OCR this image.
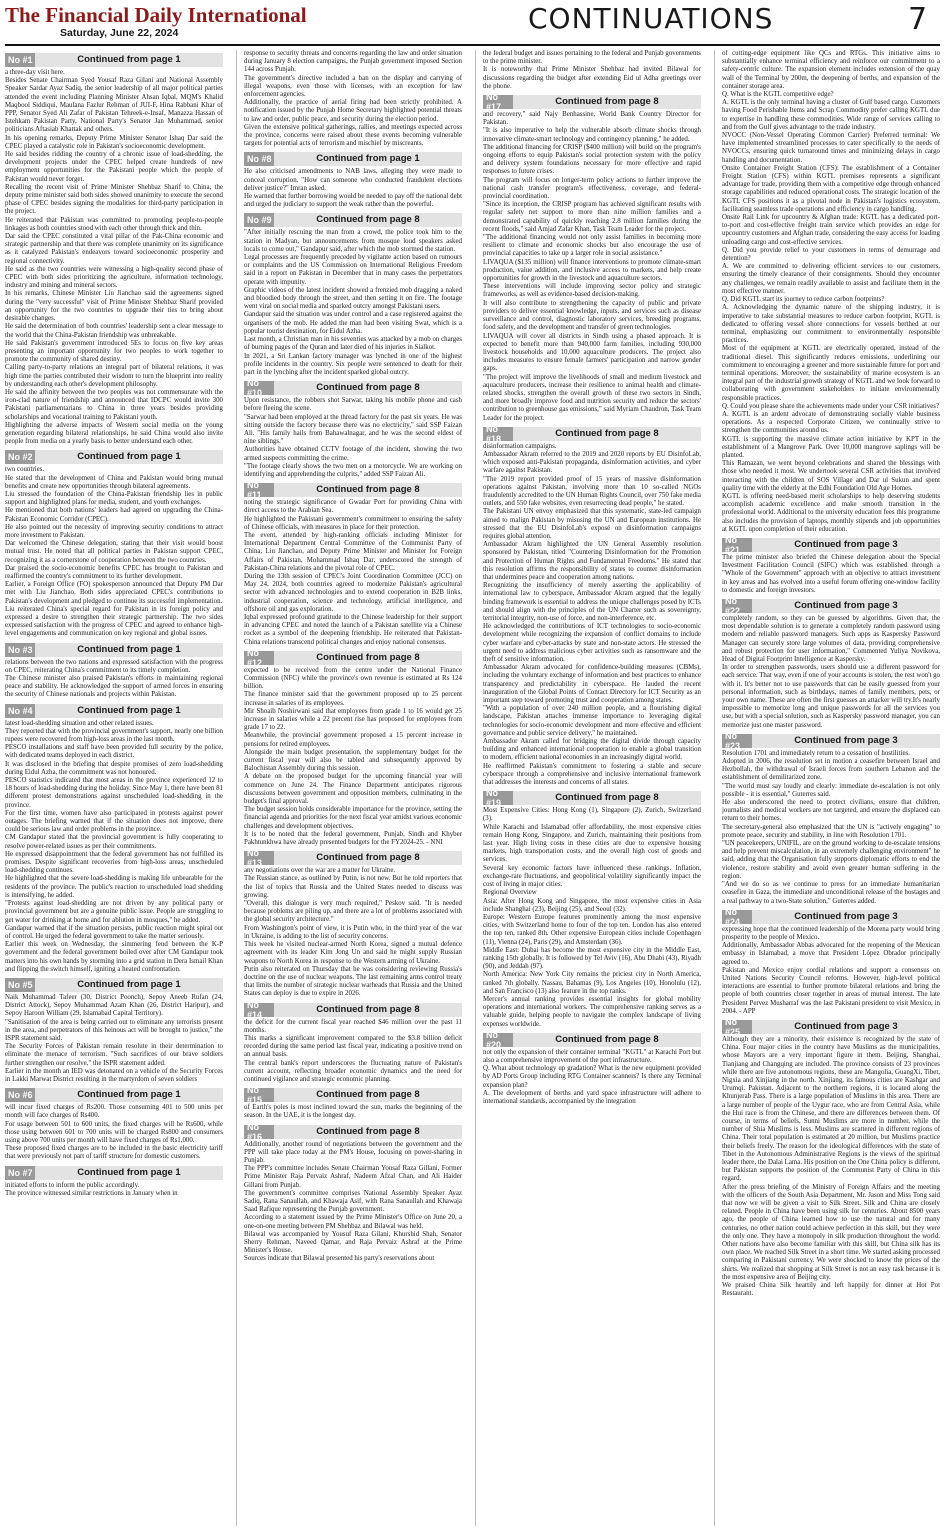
The Financial Daily International
Saturday, June 22, 2024	CONTINUATIONS	7
No #1	Continued from page 1

a three-day visit here.

Besides Senate Chairman Syed Yousaf Raza Gilani and National Assembly Speaker Sardar Ayaz Sadiq, the senior leadership of all major political parties attended the event including Planning Minister Ahsan Iqbal, MQM's Khalid Maqbool Siddiqui, Maulana Fazlur Rehman of JUI-F, Hina Rabbani Khar of PPP, Senator Syed Ali Zafar of Pakistan Tehreek-e-Insaf, Manazza Hassan of Istehkam Pakistan Party, National Party's Senator Jan Muhammad, senior politicians Aftasiab Khattak and others.

In his opening remarks, Deputy Prime Minister Senator Ishaq Dar said the CPEC played a catalystic role in Pakistan's socioeconomic development.

He said besides ridding the country of a chronic issue of load-shedding, the development projects under the CPEC helped create hundreds of new employment opportunities for the Pakistani people which the people of Pakistan would never forget.

Recalling the recent visit of Prime Minister Shehbaz Sharif to China, the deputy prime minister said both sides showed unanimity to execute the second phase of CPEC besides signing the modalities for third-party participation in the project.

He reiterated that Pakistan was committed to promoting people-to-people linkages as both countries stood with each other through thick and thin.

Dar said the CPEC constituted a vital pillar of the Pak-China economic and strategic partnership and that there was complete unanimity on its significance as it catalyzed Pakistan's endeavors toward socioeconomic prosperity and regional connectivity.

He said as the two countries were witnessing a high-quality second phase of CPEC with both sides prioritizing the agriculture, information technology, industry and mining and mineral sectors.

In his remarks, Chinese Minister Liu Jianchao said the agreements signed during the "very successful" visit of Prime Minister Shehbaz Sharif provided an opportunity for the two countries to upgrade their ties to bring about desirable changes.

He said the determination of both countries' leadership sent a clear message to the world that the China-Pakistan friendship was unbreakable.

He said Pakistan's government introduced 5Es to focus on five key areas presenting an important opportunity for two peoples to work together to promote the community of shared destiny.

Calling party-to-party relations an integral part of bilateral relations, it was high time the parties contributed their wisdom to turn the blueprint into reality by understanding each other's development philosophy.

He said the affinity between the two peoples was not commensurate with the iron-clad nature of friendship and announced that IDCPC would invite 300 Pakistani parliamentarians to China in three years besides providing scholarships and vocational training to Pakistani youth.

Highlighting the adverse impacts of Western social media on the young generation regarding bilateral relationships, he said China would also invite people from media on a yearly basis to better understand each other.

No #2	Continued from page 1

two countries.

He stated that the development of China and Pakistan would bring mutual benefits and create new opportunities through bilateral agreements.

Liu stressed the foundation of the China-Pakistan friendship lies in public support and highlighted plans for media, student, and youth exchanges.

He mentioned that both nations' leaders had agreed on upgrading the China-Pakistan Economic Corridor (CPEC).

He also pointed out the necessity of improving security conditions to attract more investment to Pakistan.

Dar welcomed the Chinese delegation, stating that their visit would boost mutual trust. He noted that all political parties in Pakistan support CPEC, recognizing it as a cornerstone of cooperation between the two countries.

Dar praised the socio-economic benefits CPEC has brought to Pakistan and reaffirmed the country's commitment to its further development.

Earlier, a Foreign Office (FO) spokesperson announced that Deputy PM Dar met with Liu Jianchao. Both sides appreciated CPEC's contributions to Pakistan's development and pledged to continue its successful implementation.

Liu reiterated China's special regard for Pakistan in its foreign policy and expressed a desire to strengthen their strategic partnership. The two sides expressed satisfaction with the progress of CPEC and agreed to enhance high-level engagements and communication on key regional and global issues.

No #3	Continued from page 1

relations between the two nations and expressed satisfaction with the progress on CPEC, reiterating China's commitment to its timely completion.

The Chinese minister also praised Pakistan's efforts in maintaining regional peace and stability. He acknowledged the support of armed forces in ensuring the security of Chinese nationals and projects within Pakistan.

No #4	Continued from page 1

latest load-shedding situation and other related issues.

They reported that with the provincial government's support, nearly one billion rupees were recovered from high-loss areas in the last month.

PESCO installations and staff have been provided full security by the police, with dedicated teams deployed in each district.

It was disclosed in the briefing that despite promises of zero load-shedding during Eidul Azha, the commitment was not honoured.

PESCO statistics indicated that most areas in the province experienced 12 to 18 hours of load-shedding during the holiday. Since May 1, there have been 81 different protest demonstrations against unscheduled load-shedding in the province.

For the first time, women have also participated in protests against power outages. The briefing warned that if the situation does not improve, there could be serious law and order problems in the province.

CM Gandapur stated that the provincial government is fully cooperating to resolve power-related issues as per their commitments.

He expressed disappointment that the federal government has not fulfilled its promises. Despite significant recoveries from high-loss areas, unscheduled load-shedding continues.

He highlighted that the severe load-shedding is making life unbearable for the residents of the province. The public's reaction to unscheduled load shedding is intensifying, he added.

"Protests against load-shedding are not driven by any political party or provincial government but are a genuine public issue. People are struggling to get water for drinking at home and for ablution in mosques," he added.

Gandapur warned that if the situation persists, public reaction might spiral out of control. He urged the federal government to take the matter seriously.

Earlier this week on Wednesday, the simmering feud between the K-P government and the federal government boiled over after CM Gandapur took matters into his own hands by storming into a grid station in Dera Ismail Khan and flipping the switch himself, igniting a heated confrontation.

No #5	Continued from page 1

Naik Muhammad Tafeer (30, District Poonch), Sepoy Aneeb Rufan (24, District Attock), Sepoy Muhammad Azam Khan (26, District Haripur), and Sepoy Haroon William (29, Islamabad Capital Territory).

"Sanitisation of the area is being carried out to eliminate any terrorists present in the area, and perpetrators of this heinous act will be brought to justice," the ISPR statement said.

The Security Forces of Pakistan remain resolute in their determination to eliminate the menace of terrorism. "Such sacrifices of our brave soldiers further strengthen our resolve," the ISPR statement added.

Earlier in the month an IED was detonated on a vehicle of the Security Forces in Lakki Marwat District resulting in the martyrdom of seven soldiers

No #6	Continued from page 1

will incur fixed charges of Rs200. Those consuming 401 to 500 units per month will face charges of Rs400.

For usage between 501 to 600 units, the fixed charges will be Rs600, while those using between 601 to 700 units will be charged Rs800 and consumers using above 700 units per month will have fixed charges of Rs1,000.

These proposed fixed charges are to be included in the basic electricity tariff that were previously not part of tariff structure for domestic customers.

No #7	Continued from page 1

initiated efforts to inform the public accordingly.

The province witnessed similar restrictions in January when in

response to security threats and concerns regarding the law and order situation during January 8 election campaigns, the Punjab government imposed Section 144 across Punjab.

The government's directive included a ban on the display and carrying of illegal weapons, even those with licenses, with an exception for law enforcement agencies.

Additionally, the practice of aerial firing had been strictly prohibited. A notification issued by the Punjab Home Secretary highlighted potential threats to law and order, public peace, and security during the election period.

Given the extensive political gatherings, rallies, and meetings expected across the province, concerns were raised about these events becoming vulnerable targets for potential acts of terrorism and mischief by miscreants.

No #8	Continued from page 1

He also criticised amendments to NAB laws, alleging they were made to conceal corruption. "How can someone who conducted fraudulent elections deliver justice?" Imran asked.

He warned that further borrowing would be needed to pay off the national debt and urged the judiciary to support the weak rather than the powerful.

No #9	Continued from page 8

"After initially rescuing the man from a crowd, the police took him to the station in Madyan, but announcements from mosque loud speakers asked locals to come out," Gandapur said, after which the mob stormed the station.

Legal processes are frequently preceded by vigilante action based on rumours or complaints and the US Commission on International Religious Freedom said in a report on Pakistan in December that in many cases the perpetrators operate with impunity.

Graphic videos of the latest incident showed a frenzied mob dragging a naked and bloodied body through the street, and then setting it on fire. The footage went viral on social media and sparked outcry amongst Pakistani users.

Gandapur said the situation was under control and a case registered against the organisers of the mob. He added the man had been visiting Swat, which is a popular tourist destination, for Eidul Azha.

Last month, a Christian man in his seventies was attacked by a mob on charges of burning pages of the Quran and later died of his injuries in Sialkot.

In 2021, a Sri Lankan factory manager was lynched in one of the highest profile incidents in the country. Six people were sentenced to death for their part in the lynching after the incident sparked global outcry.

No #10	Continued from page 8

Upon resistance, the robbers shot Sarwar, taking his mobile phone and cash before fleeing the scene.

"Sarwar had been employed at the thread factory for the past six years. He was sitting outside the factory because there was no electricity," said SSP Faizan Ali. "His family hails from Bahawalnagar, and he was the second eldest of nine siblings."

Authorities have obtained CCTV footage of the incident, showing the two armed suspects committing the crime.

"The footage clearly shows the two men on a motorcycle. We are working on identifying and apprehending the culprits," added SSP Faizan Ali.

No #11	Continued from page 8

noting the strategic significance of Gwadar Port for providing China with direct access to the Arabian Sea.

He highlighted the Pakistani government's commitment to ensuring the safety of Chinese officials, with measures in place for their protection.

The event, attended by high-ranking officials including Minister for International Department Central Committee of the Communist Party of China, Liu Jianchao, and Deputy Prime Minister and Minister for Foreign Affairs of Pakistan, Mohammad Ishaq Dar, underscored the strength of Pakistan-China relations and the pivotal role of CPEC.

During the 13th session of CPEC's Joint Coordination Committee (JCC) on May 24, 2024, both countries agreed to modernize Pakistan's agricultural sector with advanced technologies and to extend cooperation in B2B links, industrial cooperation, science and technology, artificial intelligence, and offshore oil and gas exploration.

Iqbal expressed profound gratitude to the Chinese leadership for their support in advancing CPEC and noted the launch of a Pakistan satellite via a Chinese rocket as a symbol of the deepening friendship. He reiterated that Pakistan-China relations transcend political changes and enjoy national consensus.

No #12	Continued from page 8

expected to be received from the centre under the National Finance Commission (NFC) while the province's own revenue is estimated at Rs 124 billion.

The finance minister said that the government proposed up to 25 percent increase in salaries of its employees.

Mir Shoaib Noshirwani said that employees from grade 1 to 16 would get 25 increase in salaries while a 22 percent rise has proposed for employees from grade 17 to 22.

Meanwhile, the provincial government proposed a 15 percent increase in pensions for retired employees.

Alongside the main budget presentation, the supplementary budget for the current fiscal year will also be tabled and subsequently approved by Balochistan Assembly during this session.

A debate on the proposed budget for the upcoming financial year will commence on June 24. The Finance Department anticipates rigorous discussions between government and opposition members, culminating in the budget's final approval.

The budget session holds considerable importance for the province, setting the financial agenda and priorities for the next fiscal year amidst various economic challenges and development objectives.

It is to be noted that the federal government, Punjab, Sindh and Khyber Pakhtunkhwa have already presented budgets for the FY2024-25. - NNI

No #13	Continued from page 8

any negotiations over the war are a matter for Ukraine.

The Russian stance, as outlined by Putin, is not new. But he told reporters that the list of topics that Russia and the United States needed to discuss was growing.

"Overall, this dialogue is very much required," Peskov said. "It is needed because problems are piling up, and there are a lot of problems associated with the global security architecture."

From Washington's point of view, it is Putin who, in the third year of the war in Ukraine, is adding to the list of security concerns.

This week he visited nuclear-armed North Korea, signed a mutual defence agreement with its leader Kim Jong Un and said he might supply Russian weapons to North Korea in response to the Western arming of Ukraine.

Putin also reiterated on Thursday that he was considering reviewing Russia's doctrine on the use of nuclear weapons. The last remaining arms control treaty that limits the number of strategic nuclear warheads that Russia and the United States can deploy is due to expire in 2026.

No #14	Continued from page 8

the deficit for the current fiscal year reached $46 million over the past 11 months.

This marks a significant improvement compared to the $3.8 billion deficit recorded during the same period last fiscal year, indicating a positive trend on an annual basis.

The central bank's report underscores the fluctuating nature of Pakistan's current account, reflecting broader economic dynamics and the need for continued vigilance and strategic economic planning.

No #15	Continued from page 8

of Earth's poles is most inclined toward the sun, marks the beginning of the season. In the UAE, it is the longest day.

No #16	Continued from page 8

Additionally, another round of negotiations between the government and the PPP will take place today at the PM's House, focusing on power-sharing in Punjab.

The PPP's committee includes Senate Chairman Yousaf Raza Gillani, Former Prime Minister Raja Pervaiz Ashraf, Nadeem Afzal Chan, and Ali Haider Gillani from Punjab.

The government's committee comprises National Assembly Speaker Ayaz Sadiq, Rana Sanaullah, and Khawaja Asif, with Rana Sanaullah and Khawaja Saad Rafique representing the Punjab government.

According to a statement issued by the Prime Minister's Office on June 20, a one-on-one meeting between PM Shehbaz and Bilawal was held.

Bilawal was accompanied by Yousuf Raza Gilani, Khurshid Shah, Senator Sherry Rehman, Naveed Qamar, and Raja Pervaiz Ashraf at the Prime Minister's House.

Sources indicate that Bilawal presented his party's reservations about

the federal budget and issues pertaining to the federal and Punjab governments to the prime minister.

It is noteworthy that Prime Minister Shehbaz had invited Bilawal for discussions regarding the budget after extending Eid ul Adha greetings over the phone.

No #17	Continued from page 8

and recovery," said Najy Benhassine, World Bank Country Director for Pakistan.

"It is also imperative to help the vulnerable absorb climate shocks through innovative climate-smart technology and contingency planning," he added.

The additional financing for CRISP ($400 million) will build on the program's ongoing efforts to equip Pakistan's social protection system with the policy and delivery system foundations necessary for more effective and rapid responses to future crises.

The program will focus on longer-term policy actions to further improve the national cash transfer program's effectiveness, coverage, and federal-provincial coordination.

"Since its inception, the CRISP program has achieved significant results with regular safety net support to more than nine million families and a demonstrated capability of quickly reaching 2.8 million families during the recent floods," said Amjad Zafar Khan, Task Team Leader for the project.

"The additional financing would not only assist families in becoming more resilient to climate and economic shocks but also encourage the use of provincial capacities to take up a larger role in social assistance."

LIVAQUA ($135 million) will finance interventions to promote climate-smart production, value addition, and inclusive access to markets, and help create opportunities for growth in the livestock and aquaculture sectors.

These interventions will include improving sector policy and strategic frameworks, as well as evidence-based decision-making.

It will also contribute to strengthening the capacity of public and private providers to deliver essential knowledge, inputs, and services such as disease surveillance and control, diagnostic laboratory services, breeding programs, food safety, and the development and transfer of green technologies.

LIVAQUA will cover all districts in Sindh using a phased approach. It is expected to benefit more than 940,000 farm families, including 930,000 livestock households and 10,000 aquaculture producers. The project also includes measures to ensure female farmers' participation and narrow gender gaps.

"The project will improve the livelihoods of small and medium livestock and aquaculture producers, increase their resilience to animal health and climate-related shocks, strengthen the overall growth of these two sectors in Sindh, and more broadly improve food and nutrition security and reduce the sectors' contribution to greenhouse gas emissions," said Myriam Chaudron, Task Team Leader for the project.

No #18	Continued from page 8

disinformation campaigns.

Ambassador Akram referred to the 2019 and 2020 reports by EU DisinfoLab, which exposed anti-Pakistan propaganda, disinformation activities, and cyber warfare against Pakistan.

"The 2019 report provided proof of 15 years of massive disinformation operations against Pakistan, involving more than 10 so-called NGOs fraudulently accredited to the UN Human Rights Council, over 750 fake media outlets, and 550 fake websites, even resurrecting dead people," he stated.

The Pakistani UN envoy emphasized that this systematic, state-led campaign aimed to malign Pakistan by misusing the UN and European institutions. He stressed that the EU DisinfoLab's exposé on disinformation campaigns requires global attention.

Ambassador Akram highlighted the UN General Assembly resolution sponsored by Pakistan, titled "Countering Disinformation for the Promotion and Protection of Human Rights and Fundamental Freedoms." He stated that this resolution affirms the responsibility of states to counter disinformation that undermines peace and cooperation among nations.

Recognizing the insufficiency of merely asserting the applicability of international law to cyberspace, Ambassador Akram argued that the legally binding framework is essential to address the unique challenges posed by ICTs and should align with the principles of the UN Charter such as sovereignty, territorial integrity, non-use of force, and non-interference, etc.

He acknowledged the contributions of ICT technologies to socio-economic development while recognizing the expansion of conflict domains to include cyber warfare and cyber-attacks by state and non-state actors. He stressed the urgent need to address malicious cyber activities such as ransomware and the theft of sensitive information.

Ambassador Akram advocated for confidence-building measures (CBMs), including the voluntary exchange of information and best practices to enhance transparency and predictability in cyberspace. He lauded the recent inauguration of the Global Points of Contact Directory for ICT Security as an important step toward promoting trust and cooperation among states.

"With a population of over 240 million people, and a flourishing digital landscape, Pakistan attaches immense importance to leveraging digital technologies for socio-economic development and more effective and efficient governance and public service delivery," he maintained.

Ambassador Akram called for bridging the digital divide through capacity building and enhanced international cooperation to enable a global transition to modern, efficient national economies in an increasingly digital world.

He reaffirmed Pakistan's commitment to fostering a stable and secure cyberspace through a comprehensive and inclusive international framework that addresses the interests and concerns of all states.

No #19	Continued from page 8

Most Expensive Cities: Hong Kong (1), Singapore (2), Zurich, Switzerland (3).

While Karachi and Islamabad offer affordability, the most expensive cities remain Hong Kong, Singapore, and Zurich, maintaining their positions from last year. High living costs in these cities are due to expensive housing markets, high transportation costs, and the overall high cost of goods and services.

Several key economic factors have influenced these rankings. Inflation, exchange-rate fluctuations, and geopolitical volatility significantly impact the cost of living in major cities.

Regional Overview

Asia: After Hong Kong and Singapore, the most expensive cities in Asia include Shanghai (23), Beijing (25), and Seoul (32).

Europe: Western Europe features prominently among the most expensive cities, with Switzerland home to four of the top ten. London has also entered the top ten, ranked 8th. Other expensive European cities include Copenhagen (11), Vienna (24), Paris (29), and Amsterdam (36).

Middle East: Dubai has become the most expensive city in the Middle East, ranking 15th globally. It is followed by Tel Aviv (16), Abu Dhabi (43), Riyadh (90), and Jeddah (97).

North America: New York City remains the priciest city in North America, ranked 7th globally. Nassau, Bahamas (9), Los Angeles (10), Honolulu (12), and San Francisco (13) also feature in the top ranks.

Mercer's annual ranking provides essential insights for global mobility operations and international workers. The comprehensive ranking serves as a valuable guide, helping people to navigate the complex landscape of living expenses worldwide.

No #20	Continued from page 8

not only the expansion of their container terminal "KGTL" at Karachi Port but also a comprehensive improvement of the port infrastructure.

Q. What about technology up gradation? What is the new equipment provided by AD Ports Group including RTG Container scanners? Is there any Terminal expansion plan?

A. The development of berths and yard space infrastructure will adhere to international standards, accompanied by the integration

of cutting-edge equipment like QCs and RTGs. This initiative aims to substantially enhance terminal efficiency and reinforce our commitment to a safety-centric culture. The expansion element includes extension of the quay wall of the Terminal by 200m, the deepening of berths, and expansion of the container storage area.

Q. What is the KGTL competitive edge?

A. KGTL is the only terminal having a cluster of Gulf based cargo. Customers having Food Perishable Items and Scrap Commodity prefer calling KGTL due to expertise in handling these commodities. Wide range of services calling to and from the Gulf gives advantage to the trade industry.

NVOCC (Non-Vessel Operating Common Carrier) Preferred terminal: We have implemented streamlined processes to cater specifically to the needs of NVOCCs, ensuring quick turnaround times and minimizing delays in cargo handling and documentation.

Onsite Container Freight Station (CFS): The establishment of a Container Freight Station (CFS) within KGTL premises represents a significant advantage for trade, providing them with a competitive edge through enhanced storage capabilities and reduced operational costs. The strategic location of the KGTL CFS positions it as a pivotal node in Pakistan's logistics ecosystem, facilitating seamless trade operations and efficiency in cargo handling.

Onsite Rail Link for upcountry & Afghan trade: KGTL has a dedicated port-to-port and cost-effective freight train service which provides an edge for upcountry customers and Afghan trade, considering the easy access for loading unloading cargo and cost-effective services.

Q. Did you provide relief to your customers in terms of demurrage and detention?

A. We are committed to delivering efficient services to our customers, ensuring the timely clearance of their consignments. Should they encounter any challenges, we remain readily available to assist and facilitate them in the most effective manner.

Q. Did KGTL start its journey to reduce carbon footprints?

A. Acknowledging the dynamic nature of the shipping industry, it is imperative to take substantial measures to reduce carbon footprint, KGTL is dedicated to offering vessel shore connections for vessels berthed at our terminal, emphasizing our commitment to environmentally responsible practices.

Most of the equipment at KGTL are electrically operated, instead of the traditional diesel. This significantly reduces emissions, underlining our commitment to encouraging a greener and more sustainable future for port and terminal operations. Moreover, the sustainability of marine ecosystem is an integral part of the industrial growth strategy of KGTL and we look forward to collaborating with government stakeholders to initiate environmentally responsible practices.

Q. Could you please share the achievements made under your CSR initiatives?

A. KGTL is an ardent advocate of demonstrating socially viable business operations. As a respected Corporate Citizen, we continually strive to strengthen the communities around us.

KGTL is supporting the massive climate action initiative by KPT in the establishment of a Mangrove Park. Over 10,000 mangrove saplings will be planted.

This Ramazan, we went beyond celebrations and shared the blessings with those who needed it most. We undertook several CSR activities that involved interacting with the children of SOS Village and Dar ul Sukun and spent quality time with the elderly at the Edhi Foundation Old Age Homes.

KGTL is offering need-based merit scholarships to help deserving students accomplish academic excellence and make smooth transition in the professional world. Additional to the university education fees this programme also includes the provision of laptops, monthly stipends and job opportunities at KGTL upon completion of their education.

No #21	Continued from page 3

The prime minister also briefed the Chinese delegation about the Special Investment Facilitation Council (SIFC) which was established through a "Whole of the Government" approach with an objective to attract investment in key areas and has evolved into a useful forum offering one-window facility to domestic and foreign investors.

No #22	Continued from page 3

completely random, so they can be guessed by algorithms. Given that, the most dependable solution is to generate a completely random password using modern and reliable password managers. Such apps as Kaspersky Password Manager can securely store large volumes of data, providing comprehensive and robust protection for user information," Commented Yuliya Novikova, Head of Digital Footprint Intelligence at Kaspersky.

In order to strengthen passwords, users should use a different password for each service. That way, even if one of your accounts is stolen, the rest won't go with it. It's better not to use passwords that can be easily guessed from your personal information, such as birthdays, names of family members, pets, or your own name. These are often the first guesses an attacker will try.It's nearly impossible to memorize long and unique passwords for all the services you use, but with a special solution, such as Kaspersky password manager, you can memorize just one master password.

No #23	Continued from page 3

Resolution 1701 and immediately return to a cessation of hostilities.

Adopted in 2006, the resolution set in motion a ceasefire between Israel and Hezbollah, the withdrawal of Israeli forces from southern Lebanon and the establishment of demilitarized zone.

"The world must say loudly and clearly: immediate de-escalation is not only possible - it is essential," Guterres said.

He also underscored the need to protect civilians, ensure that children, journalists and medical workers are not targeted, and ensure the displaced can return to their homes.

The secretary-general also emphasized that the UN is "actively engaging" to promote peace, security and stability, in line with Resolution 1701.

"UN peacekeepers, UNIFIL, are on the ground working to de-escalate tensions and help prevent miscalculation, in an extremely challenging environment" he said, adding that the Organisation fully supports diplomatic efforts to end the violence, restore stability and avoid even greater human suffering in the region.

"And we do so as we continue to press for an immediate humanitarian ceasefire in Gaza, the immediate and unconditional release of the hostages and a real pathway to a two-State solution," Guterres added.

No #24	Continued from page 3

expressing hope that the continued leadership of the Morena party would bring prosperity to the people of Mexico.

Additionally, Ambassador Abbas advocated for the reopening of the Mexican embassy in Islamabad, a move that President López Obrador principally agreed to.

Pakistan and Mexico enjoy cordial relations and support a consensus on United Nations Security Council reforms. However, high-level political interactions are essential to further promote bilateral relations and bring the people of both countries closer together in areas of mutual interest. The late President Pervez Musharraf was the last Pakistani president to visit Mexico, in 2004. - APP

No #25	Continued from page 3

Although they are a minority, their existence is recognized by the state of China. Four major cities in the country have Muslims as the municipalities, whose Mayors are a very important figure in them. Beijing, Shanghai, Tianjiang and Changqing are included. The province consists of 23 provinces while there are five autonomous regions, these are Mangolia, GuangXi, Tibet, Nigxia and Xinjiang in the north. Xinjiang, its famous cities are Kashgar and Urumqi. Pakistan. Adjacent to the northern regions, it is located along the Khunjerab Pass. There is a large population of Muslims in this area. There are a large number of people of the Uygur race, who are from Central Asia, while the Hui race is from the Chinese, and there are differences between them. Of course, in terms of beliefs, Sunni Muslims are more in number, while the number of Shia Muslims is less. Muslims are scattered in different regions of China. Their total population is estimated at 20 million, but Muslims practice their beliefs freely. The reason for the ideological differences with the state of Tibet in the Autonomous Administrative Regions is the views of the spiritual leader there, the Dalai Lama. His position on the One China policy is different, but Pakistan supports the position of the Communist Party of China in this regard.

After the press briefing of the Ministry of Foreign Affairs and the meeting with the officers of the South Asia Department, Mr. Jason and Miss Tong said that now we will be given a visit to Silk Street. Silk and China are closely related. People in China have been using silk for centuries. About 8500 years ago, the people of China learned how to use the natural and for many centuries, no other nation could achieve perfection in this skill, but they were the only one. They have a monopoly in silk production throughout the world. Other nations have also become familiar with this skill, but China silk has its own place. We reached Silk Street in a short time. We started asking processed comparing in Pakistani currency. We were shocked to know the prices of the shirts. We realized that shopping at Silk Street is not an easy task because it is the most expensive area of Beijing city.

We praised China Silk heartily and left happily for dinner at Hot Pot Restaurant.
